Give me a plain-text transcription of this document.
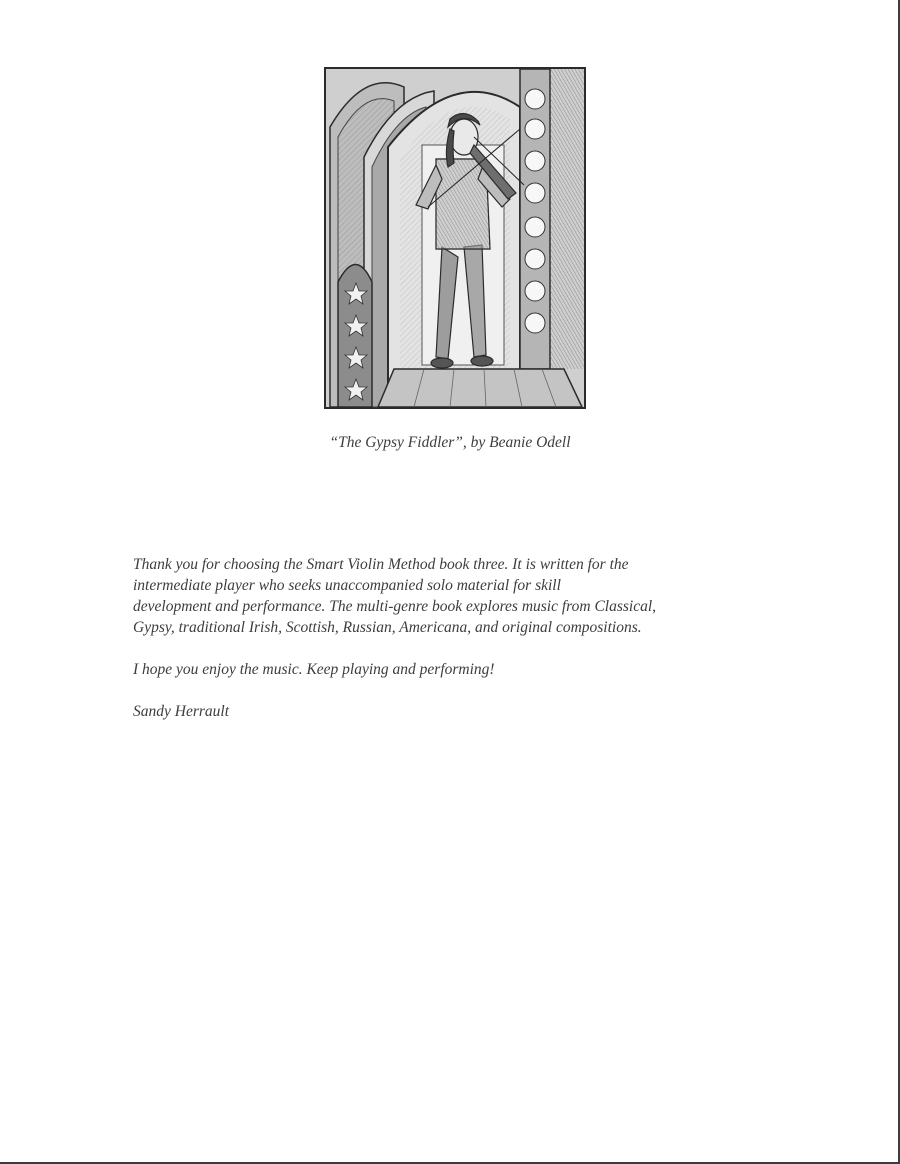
“The Gypsy Fiddler”, by Beanie Odell

Thank you for choosing the Smart Violin Method book three. It is written for the
intermediate player who seeks unaccompanied solo material for skill
development and performance. The multi-genre book explores music from Classical,
Gypsy, traditional Irish, Scottish, Russian, Americana, and original compositions.

I hope you enjoy the music. Keep playing and performing!

Sandy Herrault
